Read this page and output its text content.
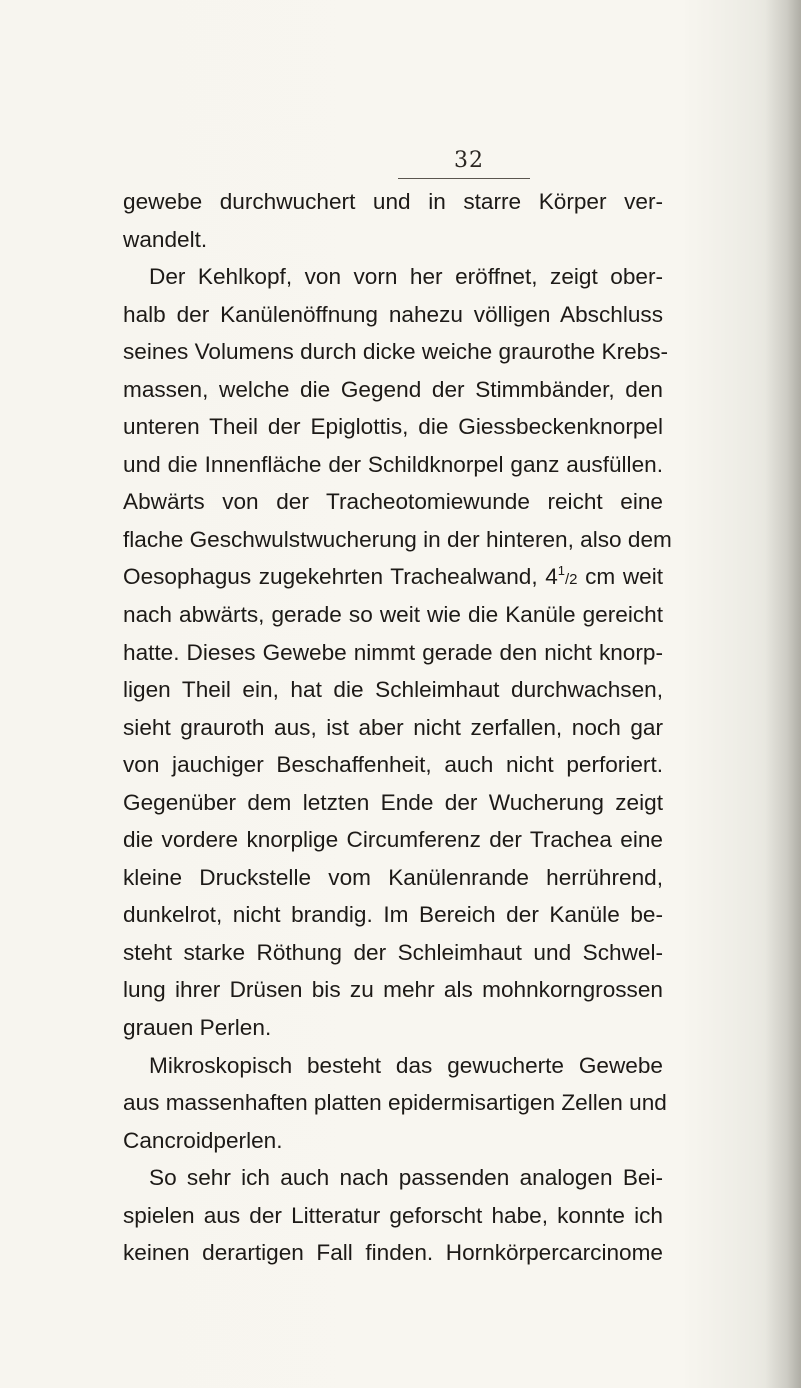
32

gewebe durchwuchert und in starre Körper ver-
wandelt.
Der Kehlkopf, von vorn her eröffnet, zeigt ober-
halb der Kanülenöffnung nahezu völligen Abschluss
seines Volumens durch dicke weiche graurothe Krebs-
massen, welche die Gegend der Stimmbänder, den
unteren Theil der Epiglottis, die Giessbeckenknorpel
und die Innenfläche der Schildknorpel ganz ausfüllen.
Abwärts von der Tracheotomiewunde reicht eine
flache Geschwulstwucherung in der hinteren, also dem
Oesophagus zugekehrten Trachealwand, $4^1/2$ cm weit
nach abwärts, gerade so weit wie die Kanüle gereicht
hatte. Dieses Gewebe nimmt gerade den nicht knorp-
ligen Theil ein, hat die Schleimhaut durchwachsen,
sieht grauroth aus, ist aber nicht zerfallen, noch gar
von jauchiger Beschaffenheit, auch nicht perforiert.
Gegenüber dem letzten Ende der Wucherung zeigt
die vordere knorplige Circumferenz der Trachea eine
kleine Druckstelle vom Kanülenrande herrührend,
dunkelrot, nicht brandig. Im Bereich der Kanüle be-
steht starke Röthung der Schleimhaut und Schwel-
lung ihrer Drüsen bis zu mehr als mohnkorngrossen
grauen Perlen.
Mikroskopisch besteht das gewucherte Gewebe
aus massenhaften platten epidermisartigen Zellen und
Cancroidperlen.
So sehr ich auch nach passenden analogen Bei-
spielen aus der Litteratur geforscht habe, konnte ich
keinen derartigen Fall finden. Hornkörpercarcinome
